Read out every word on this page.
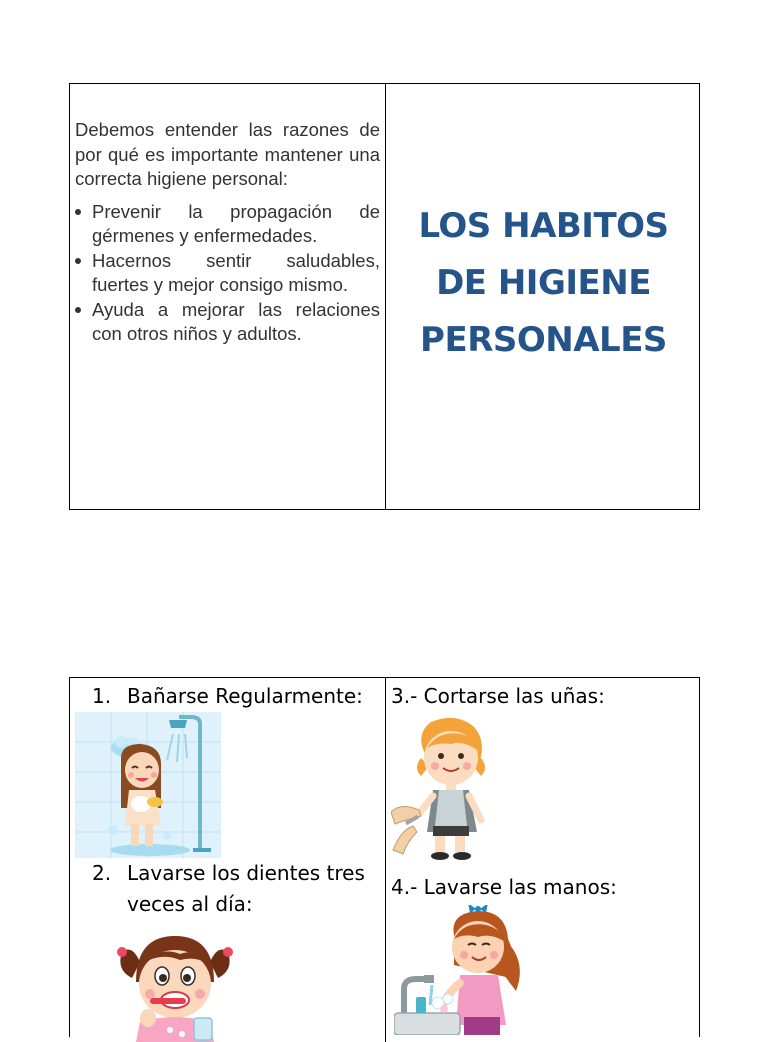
Debemos entender las razones de por qué es importante mantener una correcta higiene personal:

Prevenir la propagación de gérmenes y enfermedades.
Hacernos sentir saludables, fuertes y mejor consigo mismo.
Ayuda a mejorar las relaciones con otros niños y adultos.
LOS HABITOS
DE HIGIENE
PERSONALES
1. Bañarse Regularmente:
2. Lavarse los dientes tres veces al día:
3.- Cortarse las uñas:
4.- Lavarse las manos:
